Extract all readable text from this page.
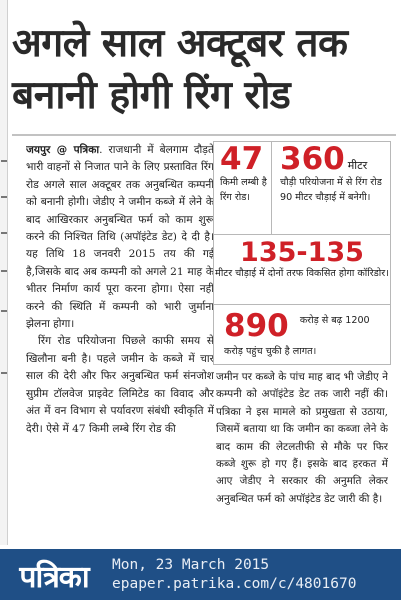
अगले साल अक्टूबर तक
बनानी होगी रिंग रोड

जयपुर @ पत्रिका. राजधानी में बेलगाम दौड़ते भारी वाहनों से निजात पाने के लिए प्रस्तावित रिंग रोड अगले साल अक्टूबर तक अनुबन्धित कम्पनी को बनानी होगी। जेडीए ने जमीन कब्जे में लेने के बाद आखिरकार अनुबन्धित फर्म को काम शुरू करने की निश्चित तिथि (अपॉइंटेड डेट) दे दी है। यह तिथि 18 जनवरी 2015 तय की गई है,जिसके बाद अब कम्पनी को अगले 21 माह के भीतर निर्माण कार्य पूरा करना होगा। ऐसा नहीं करने की स्थिति में कम्पनी को भारी जुर्माना झेलना होगा।

रिंग रोड परियोजना पिछले काफी समय से खिलौना बनी है। पहले जमीन के कब्जे में चार साल की देरी और फिर अनुबन्धित फर्म संनजोश सुप्रीम टॉलवेज प्राइवेट लिमिटेड का विवाद और अंत में वन विभाग से पर्यावरण संबंधी स्वीकृति में देरी। ऐसे में 47 किमी लम्बे रिंग रोड की

47
किमी लम्बी है रिंग रोड।
360 मीटर
चौड़ी परियोजना में से रिंग रोड 90 मीटर चौड़ाई में बनेगी।
135-135
मीटर चौड़ाई में दोनों तरफ विकसित होगा कॉरिडोर।
890 करोड़ से बढ़ 1200
करोड़ पहुंच चुकी है लागत।

जमीन पर कब्जे के पांच माह बाद भी जेडीए ने कम्पनी को अपॉइंटेड डेट तक जारी नहीं की। पत्रिका ने इस मामले को प्रमुखता से उठाया, जिसमें बताया था कि जमीन का कब्जा लेने के बाद काम की लेटलतीफी से मौके पर फिर कब्जे शुरू हो गए हैं। इसके बाद हरकत में आए जेडीए ने सरकार की अनुमति लेकर अनुबन्धित फर्म को अपॉइंटेड डेट जारी की है।

पत्रिका Mon, 23 March 2015
epaper.patrika.com/c/4801670
